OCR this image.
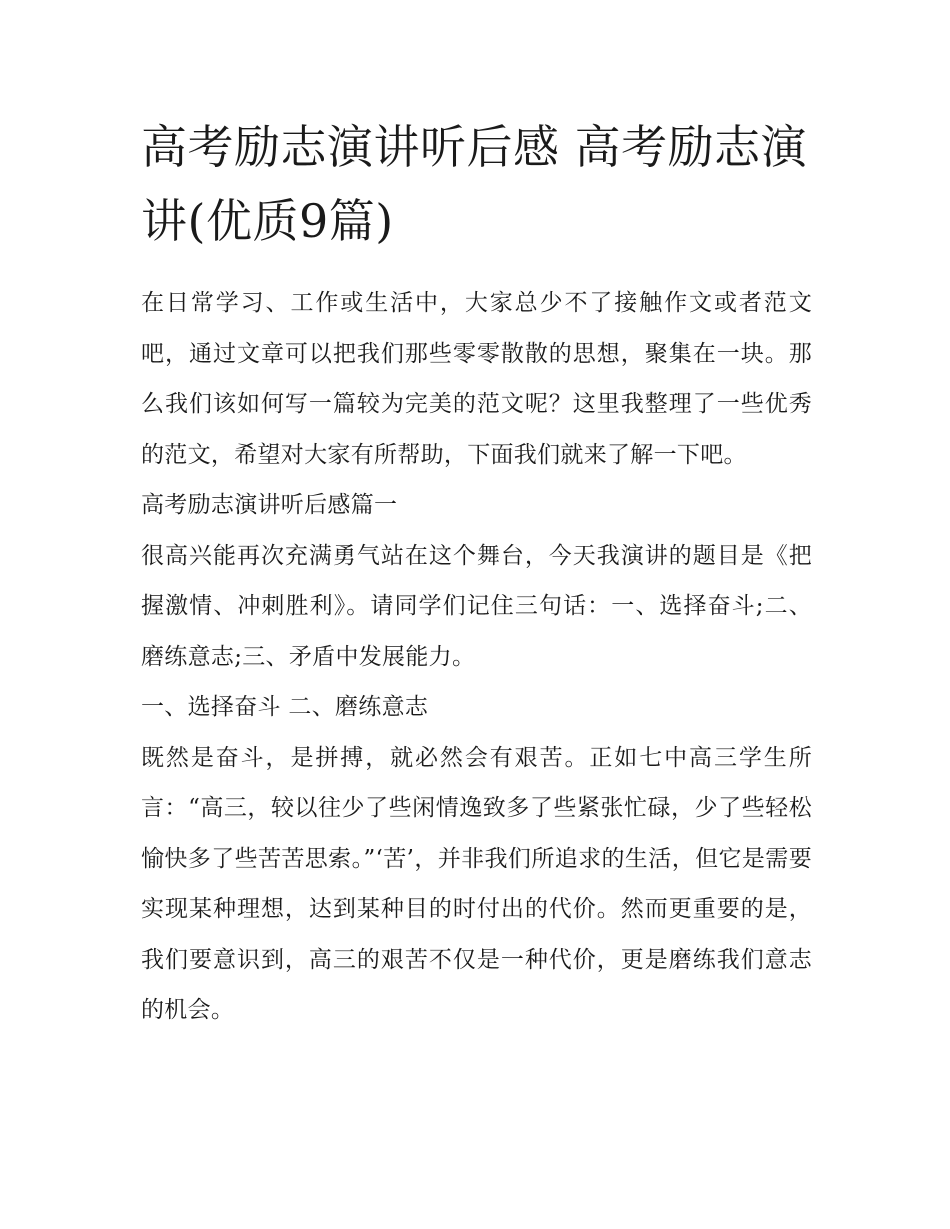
高考励志演讲听后感 高考励志演讲(优质9篇)

在日常学习、工作或生活中，大家总少不了接触作文或者范文吧，通过文章可以把我们那些零零散散的思想，聚集在一块。那么我们该如何写一篇较为完美的范文呢？这里我整理了一些优秀的范文，希望对大家有所帮助，下面我们就来了解一下吧。

高考励志演讲听后感篇一

很高兴能再次充满勇气站在这个舞台，今天我演讲的题目是《把握激情、冲刺胜利》。请同学们记住三句话：一、选择奋斗;二、磨练意志;三、矛盾中发展能力。

一、选择奋斗 二、磨练意志

既然是奋斗，是拼搏，就必然会有艰苦。正如七中高三学生所言：“高三，较以往少了些闲情逸致多了些紧张忙碌，少了些轻松愉快多了些苦苦思索。”‘苦’，并非我们所追求的生活，但它是需要实现某种理想，达到某种目的时付出的代价。然而更重要的是，我们要意识到，高三的艰苦不仅是一种代价，更是磨练我们意志的机会。
